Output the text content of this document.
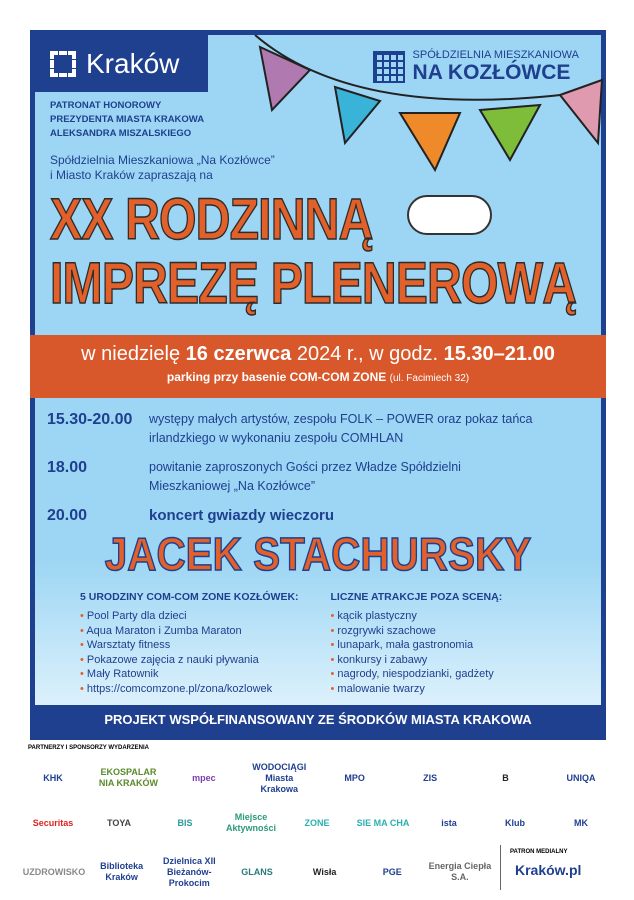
Kraków	SPÓŁDZIELNIA MIESZKANIOWA
NA KOZŁÓWCE
PATRONAT HONOROWY
PREZYDENTA MIASTA KRAKOWA
ALEKSANDRA MISZALSKIEGO
Spółdzielnia Mieszkaniowa „Na Kozłówce”
i Miasto Kraków zapraszają na
XX RODZINNĄ
IMPREZĘ PLENEROWĄ
w niedzielę 16 czerwca 2024 r., w godz. 15.30–21.00
parking przy basenie COM-COM ZONE (ul. Facimiech 32)
15.30-20.00	występy małych artystów, zespołu FOLK – POWER oraz pokaz tańca irlandzkiego w wykonaniu zespołu COMHLAN
18.00	powitanie zaproszonych Gości przez Władze Spółdzielni Mieszkaniowej „Na Kozłówce”
20.00	koncert gwiazdy wieczoru
JACEK STACHURSKY
5 URODZINY COM-COM ZONE KOZŁÓWEK:
• Pool Party dla dzieci
• Aqua Maraton i Zumba Maraton
• Warsztaty fitness
• Pokazowe zajęcia z nauki pływania
• Mały Ratownik
• https://comcomzone.pl/zona/kozlowek
LICZNE ATRAKCJE POZA SCENĄ:
• kącik plastyczny
• rozgrywki szachowe
• lunapark, mała gastronomia
• konkursy i zabawy
• nagrody, niespodzianki, gadżety
• malowanie twarzy
PROJEKT WSPÓŁFINANSOWANY ZE ŚRODKÓW MIASTA KRAKOWA
PARTNERZY I SPONSORZY WYDARZENIA
KHK
EKOSPALARNIA KRAKÓW
mpec
WODOCIĄGI Miasta Krakowa
MPO	ZIS	B	UNIQA
Securitas	TOYA	BIS
Miejsce Aktywności
ZONE	SIE MA CHA	ista	Klub	MK
UZDROWISKO
Biblioteka Kraków
Dzielnica XII Bieżanów-Prokocim
GLANS	Wisła	PGE
Energia Ciepła S.A.
PATRON MEDIALNY
Kraków.pl
